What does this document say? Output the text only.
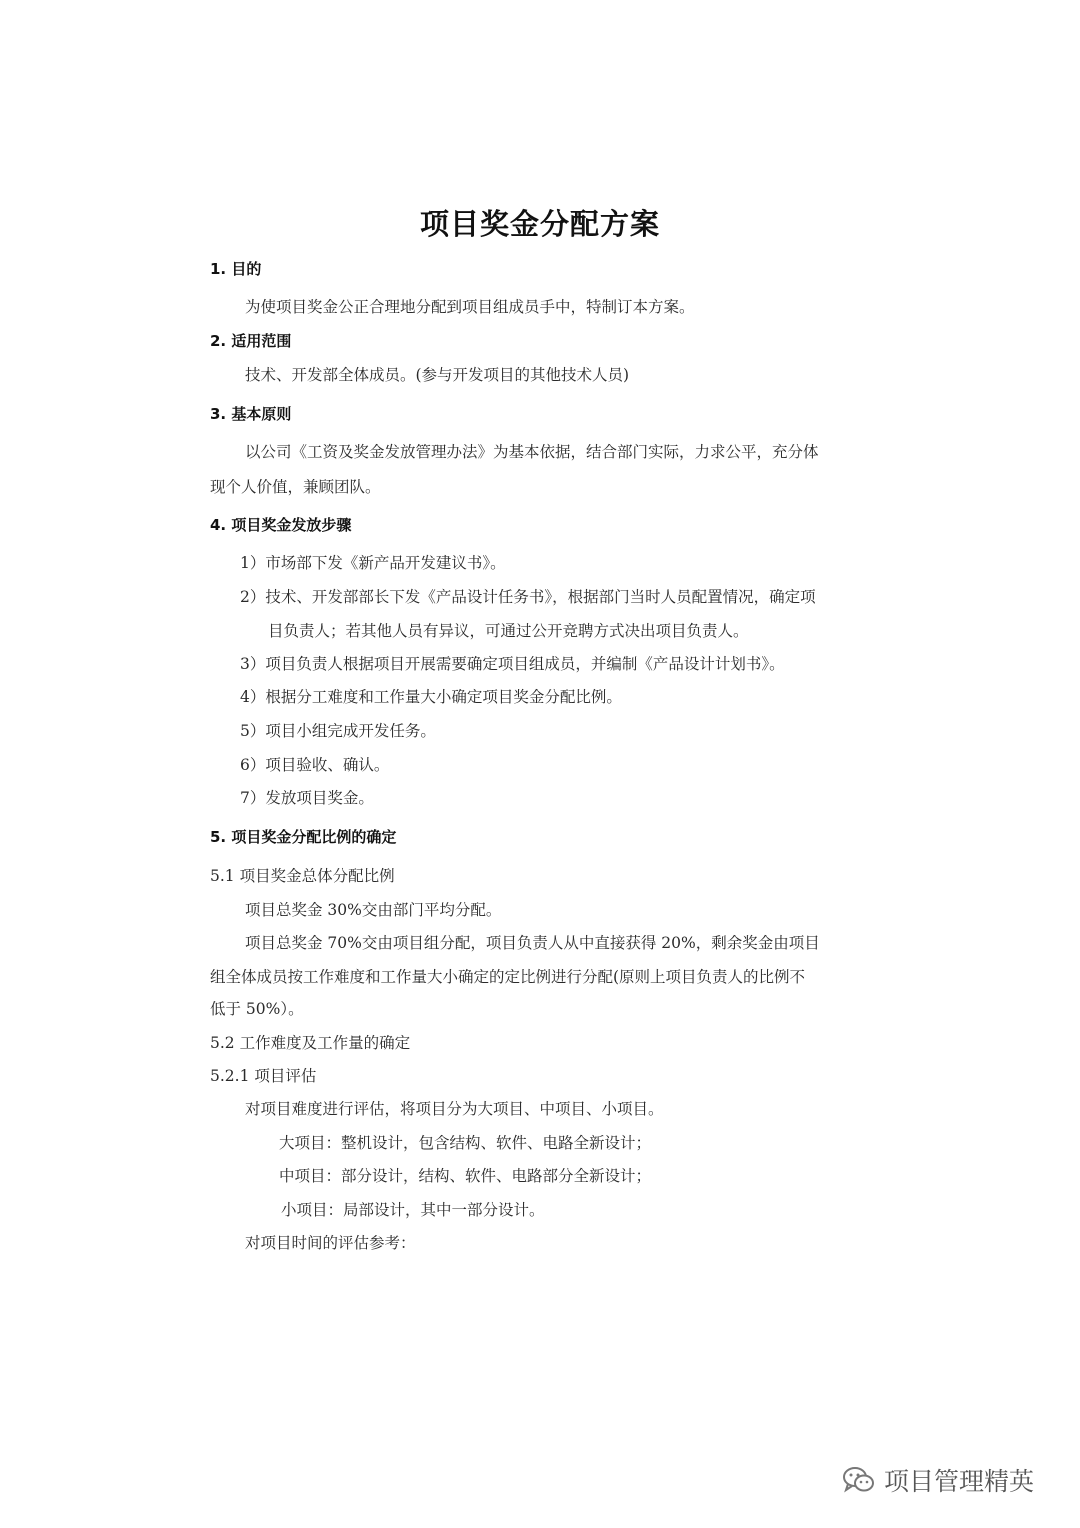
项目奖金分配方案
1. 目的
为使项目奖金公正合理地分配到项目组成员手中，特制订本方案。
2. 适用范围
技术、开发部全体成员。(参与开发项目的其他技术人员)
3. 基本原则
以公司《工资及奖金发放管理办法》为基本依据，结合部门实际，力求公平，充分体
现个人价值，兼顾团队。
4. 项目奖金发放步骤
1）市场部下发《新产品开发建议书》。
2）技术、开发部部长下发《产品设计任务书》，根据部门当时人员配置情况，确定项
目负责人；若其他人员有异议，可通过公开竞聘方式决出项目负责人。
3）项目负责人根据项目开展需要确定项目组成员，并编制《产品设计计划书》。
4）根据分工难度和工作量大小确定项目奖金分配比例。
5）项目小组完成开发任务。
6）项目验收、确认。
7）发放项目奖金。
5. 项目奖金分配比例的确定
5.1 项目奖金总体分配比例
项目总奖金 30%交由部门平均分配。
项目总奖金 70%交由项目组分配，项目负责人从中直接获得 20%，剩余奖金由项目
组全体成员按工作难度和工作量大小确定的定比例进行分配(原则上项目负责人的比例不
低于 50%）。
5.2 工作难度及工作量的确定
5.2.1 项目评估
对项目难度进行评估，将项目分为大项目、中项目、小项目。
大项目：整机设计，包含结构、软件、电路全新设计；
中项目：部分设计，结构、软件、电路部分全新设计；
小项目：局部设计，其中一部分设计。
对项目时间的评估参考：
项目管理精英
